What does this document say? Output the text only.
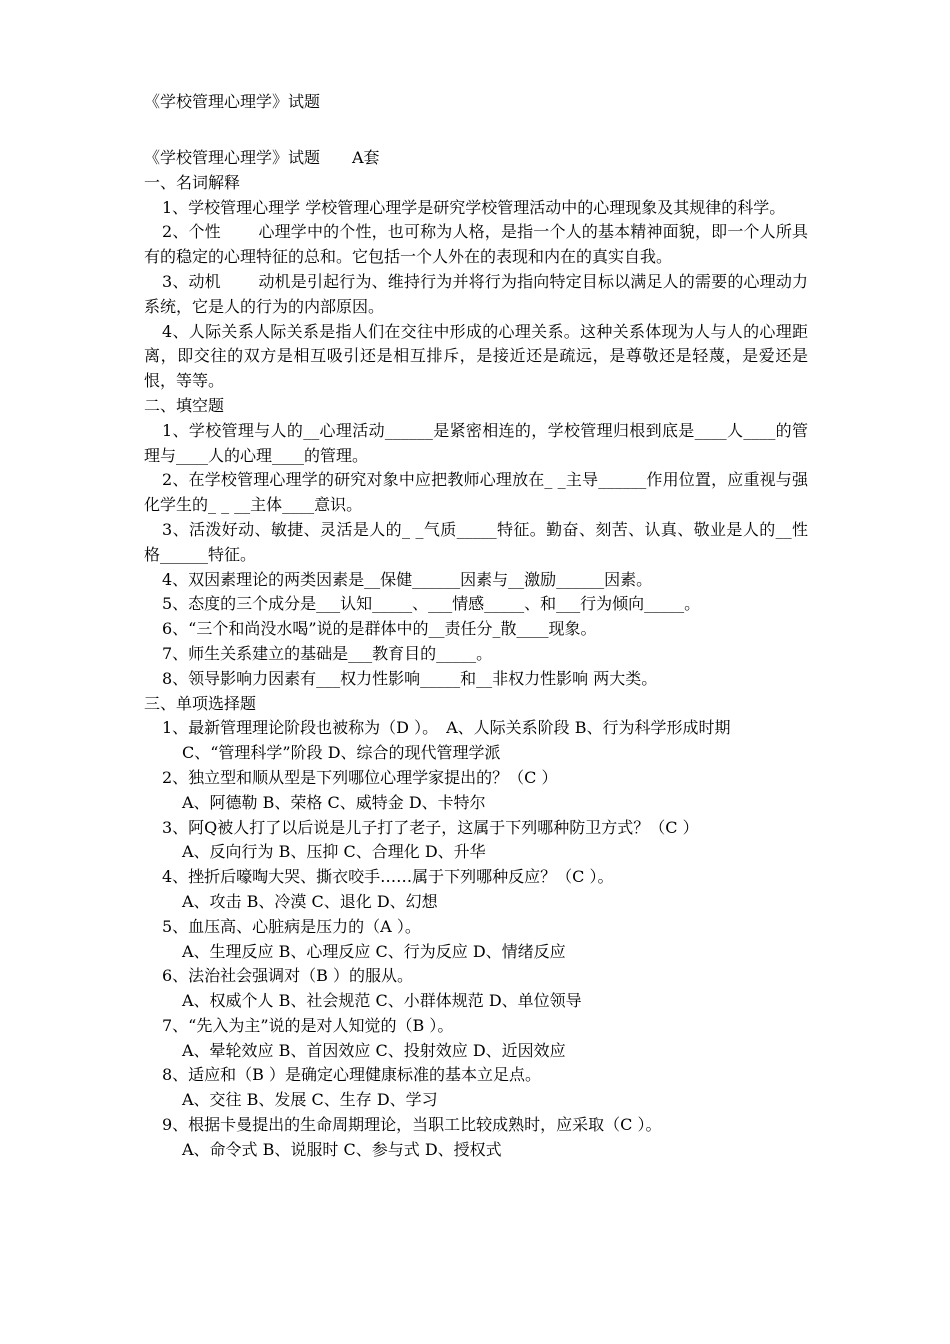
《学校管理心理学》试题

《学校管理心理学》试题　　A套

一、名词解释

1、学校管理心理学 学校管理心理学是研究学校管理活动中的心理现象及其规律的科学。

2、个性　　 心理学中的个性，也可称为人格，是指一个人的基本精神面貌，即一个人所具有的稳定的心理特征的总和。它包括一个人外在的表现和内在的真实自我。

3、动机　　 动机是引起行为、维持行为并将行为指向特定目标以满足人的需要的心理动力系统，它是人的行为的内部原因。

4、人际关系人际关系是指人们在交往中形成的心理关系。这种关系体现为人与人的心理距离，即交往的双方是相互吸引还是相互排斥，是接近还是疏远，是尊敬还是轻蔑，是爱还是恨，等等。

二、填空题

1、学校管理与人的__心理活动______是紧密相连的，学校管理归根到底是____人____的管理与____人的心理____的管理。

2、在学校管理心理学的研究对象中应把教师心理放在_ _主导______作用位置，应重视与强化学生的_ _ __主体____意识。

3、活泼好动、敏捷、灵活是人的_ _气质_____特征。勤奋、刻苦、认真、敬业是人的__性格______特征。

4、双因素理论的两类因素是__保健______因素与__激励______因素。

5、态度的三个成分是___认知_____、___情感_____、和___行为倾向_____。

6、“三个和尚没水喝”说的是群体中的__责任分_散____现象。

7、师生关系建立的基础是___教育目的_____。

8、领导影响力因素有___权力性影响_____和__非权力性影响 两大类。

三、单项选择题

1、最新管理理论阶段也被称为（D ）。　A、人际关系阶段 B、行为科学形成时期

C、“管理科学”阶段 D、综合的现代管理学派

2、独立型和顺从型是下列哪位心理学家提出的？（C ）

A、阿德勒 B、荣格 C、威特金 D、卡特尔

3、阿Q被人打了以后说是儿子打了老子，这属于下列哪种防卫方式？（C ）

A、反向行为 B、压抑 C、合理化 D、升华

4、挫折后嚎啕大哭、撕衣咬手……属于下列哪种反应？（C ）。

A、攻击 B、冷漠 C、退化 D、幻想

5、血压高、心脏病是压力的（A ）。

A、生理反应 B、心理反应 C、行为反应 D、情绪反应

6、法治社会强调对（B ）的服从。

A、权威个人 B、社会规范 C、小群体规范 D、单位领导

7、“先入为主”说的是对人知觉的（B ）。

A、晕轮效应 B、首因效应 C、投射效应 D、近因效应

8、适应和（B ）是确定心理健康标准的基本立足点。

A、交往 B、发展 C、生存 D、学习

9、根据卡曼提出的生命周期理论，当职工比较成熟时，应采取（C ）。

A、命令式 B、说服时 C、参与式 D、授权式
